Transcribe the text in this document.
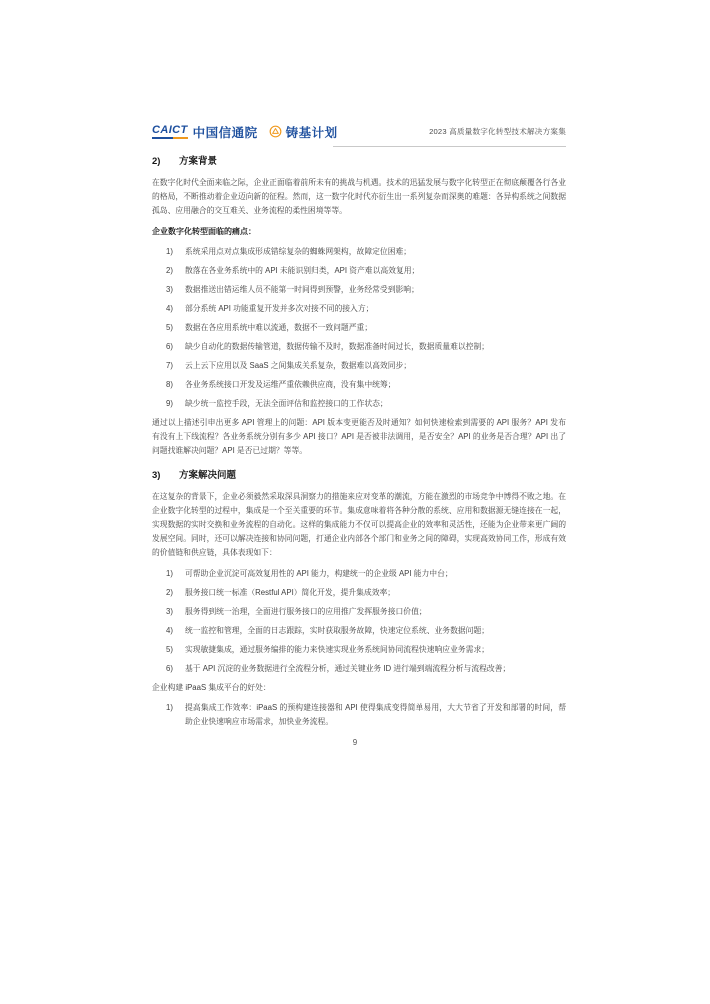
CAICT 中国信通院 铸基计划	2023 高质量数字化转型技术解决方案集
2)	方案背景

在数字化时代全面来临之际，企业正面临着前所未有的挑战与机遇。技术的迅猛发展与数字化转型正在彻底颠覆各行各业的格局，不断推动着企业迈向新的征程。然而，这一数字化时代亦衍生出一系列复杂而深奥的难题：各异构系统之间数据孤岛、应用融合的交互难关、业务流程的柔性困境等等。

企业数字化转型面临的痛点：
1)	系统采用点对点集成形成错综复杂的蜘蛛网架构，故障定位困难；
2)	散落在各业务系统中的 API 未能识别归类，API 资产难以高效复用；
3)	数据推送出错运维人员不能第一时间得到预警，业务经常受到影响；
4)	部分系统 API 功能重复开发并多次对接不同的接入方；
5)	数据在各应用系统中难以流通，数据不一致问题严重；
6)	缺少自动化的数据传输管道，数据传输不及时，数据准备时间过长，数据质量难以控制；
7)	云上云下应用以及 SaaS 之间集成关系复杂，数据难以高效同步；
8)	各业务系统接口开发及运维严重依赖供应商，没有集中统筹；
9)	缺少统一监控手段，无法全面评估和监控接口的工作状态；

通过以上描述引申出更多 API 管理上的问题：API 版本变更能否及时通知？如何快速检索到需要的 API 服务？API 发布有没有上下线流程？各业务系统分别有多少 API 接口？API 是否被非法调用，是否安全？API 的业务是否合理？API 出了问题找谁解决问题？API 是否已过期？等等。

3)	方案解决问题

在这复杂的背景下，企业必须毅然采取深具洞察力的措施来应对变革的潮流，方能在激烈的市场竞争中博得不败之地。在企业数字化转型的过程中，集成是一个至关重要的环节。集成意味着将各种分散的系统、应用和数据源无缝连接在一起，实现数据的实时交换和业务流程的自动化。这样的集成能力不仅可以提高企业的效率和灵活性，还能为企业带来更广阔的发展空间。同时，还可以解决连接和协同问题，打通企业内部各个部门和业务之间的障碍，实现高效协同工作，形成有效的价值链和供应链，具体表现如下：

1)	可帮助企业沉淀可高效复用性的 API 能力，构建统一的企业级 API 能力中台；
2)	服务接口统一标准（Restful API）简化开发，提升集成效率；
3)	服务得到统一治理，全面进行服务接口的应用推广发挥服务接口价值；
4)	统一监控和管理，全面的日志跟踪，实时获取服务故障，快速定位系统、业务数据问题；
5)	实现敏捷集成，通过服务编排的能力来快速实现业务系统间协同流程快速响应业务需求；
6)	基于 API 沉淀的业务数据进行全流程分析，通过关键业务 ID 进行端到端流程分析与流程改善；
企业构建 iPaaS 集成平台的好处：
1)	提高集成工作效率：iPaaS 的预构建连接器和 API 使得集成变得简单易用，大大节省了开发和部署的时间，帮助企业快速响应市场需求，加快业务流程。
9
